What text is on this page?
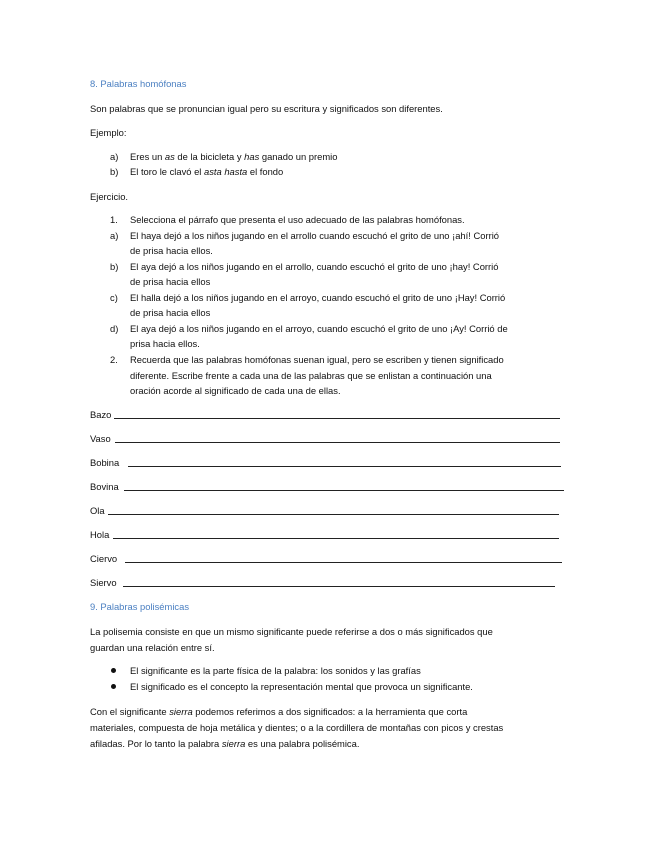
8. Palabras homófonas
Son palabras que se pronuncian igual pero su escritura y significados son diferentes.
Ejemplo:
a) Eres un as de la bicicleta y has ganado un premio
b) El toro le clavó el asta hasta el fondo
Ejercicio.
1. Selecciona el párrafo que presenta el uso adecuado de las palabras homófonas.
a) El haya dejó a los niños jugando en el arrollo cuando escuchó el grito de uno ¡ahí! Corrió
de prisa hacia ellos.
b) El aya dejó a los niños jugando en el arrollo, cuando escuchó el grito de uno ¡hay! Corrió
de prisa hacia ellos
c) El halla dejó a los niños jugando en el arroyo, cuando escuchó el grito de uno ¡Hay! Corrió
de prisa hacia ellos
d) El aya dejó a los niños jugando en el arroyo, cuando escuchó el grito de uno ¡Ay! Corrió de
prisa hacia ellos.
2. Recuerda que las palabras homófonas suenan igual, pero se escriben y tienen significado
diferente. Escribe frente a cada una de las palabras que se enlistan a continuación una
oración acorde al significado de cada una de ellas.
Bazo
Vaso
Bobina
Bovina
Ola
Hola
Ciervo
Siervo
9. Palabras polisémicas
La polisemia consiste en que un mismo significante puede referirse a dos o más significados que
guardan una relación entre sí.
El significante es la parte física de la palabra: los sonidos y las grafías
El significado es el concepto la representación mental que provoca un significante.
Con el significante sierra podemos referimos a dos significados: a la herramienta que corta
materiales, compuesta de hoja metálica y dientes; o a la cordillera de montañas con picos y crestas
afiladas. Por lo tanto la palabra sierra es una palabra polisémica.
